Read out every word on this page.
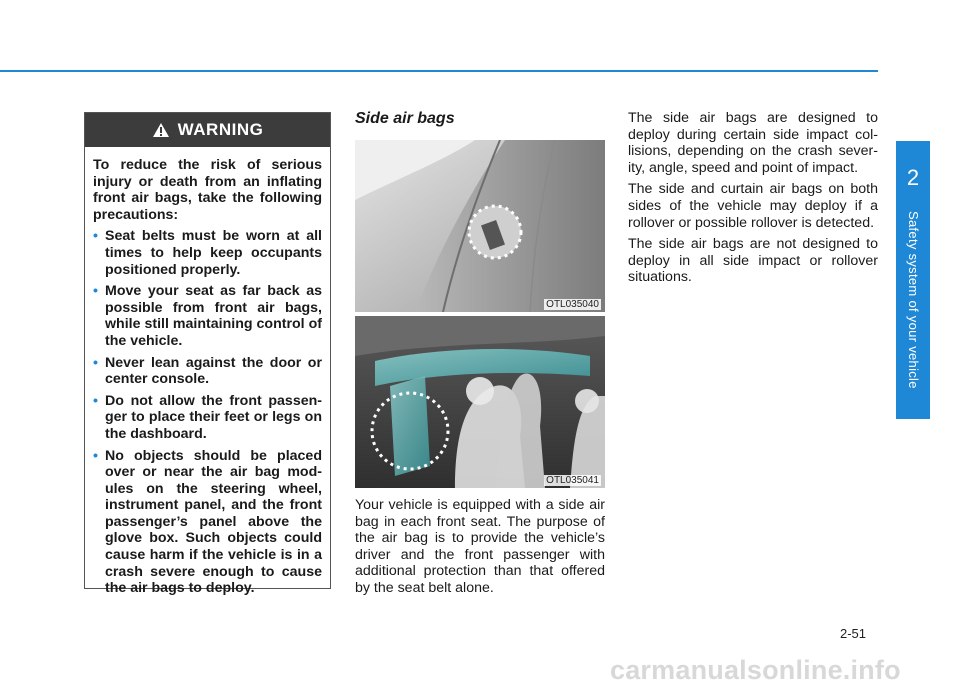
WARNING

To reduce the risk of serious injury or death from an inflating front air bags, take the following precautions:

• Seat belts must be worn at all times to help keep occupants positioned properly.
• Move your seat as far back as possible from front air bags, while still maintaining control of the vehicle.
• Never lean against the door or center console.
• Do not allow the front passen-ger to place their feet or legs on the dashboard.
• No objects should be placed over or near the air bag mod-ules on the steering wheel, instrument panel, and the front passenger’s panel above the glove box. Such objects could cause harm if the vehicle is in a crash severe enough to cause the air bags to deploy.
Side air bags
OTL035040
OTL035041

Your vehicle is equipped with a side air bag in each front seat. The purpose of the air bag is to provide the vehicle’s driver and the front passenger with additional protection than that offered by the seat belt alone.

The side air bags are designed to deploy during certain side impact col-lisions, depending on the crash sever-ity, angle, speed and point of impact.

The side and curtain air bags on both sides of the vehicle may deploy if a rollover or possible rollover is detected.

The side air bags are not designed to deploy in all side impact or rollover situations.

2
Safety system of your vehicle
2-51
carmanualsonline.info
